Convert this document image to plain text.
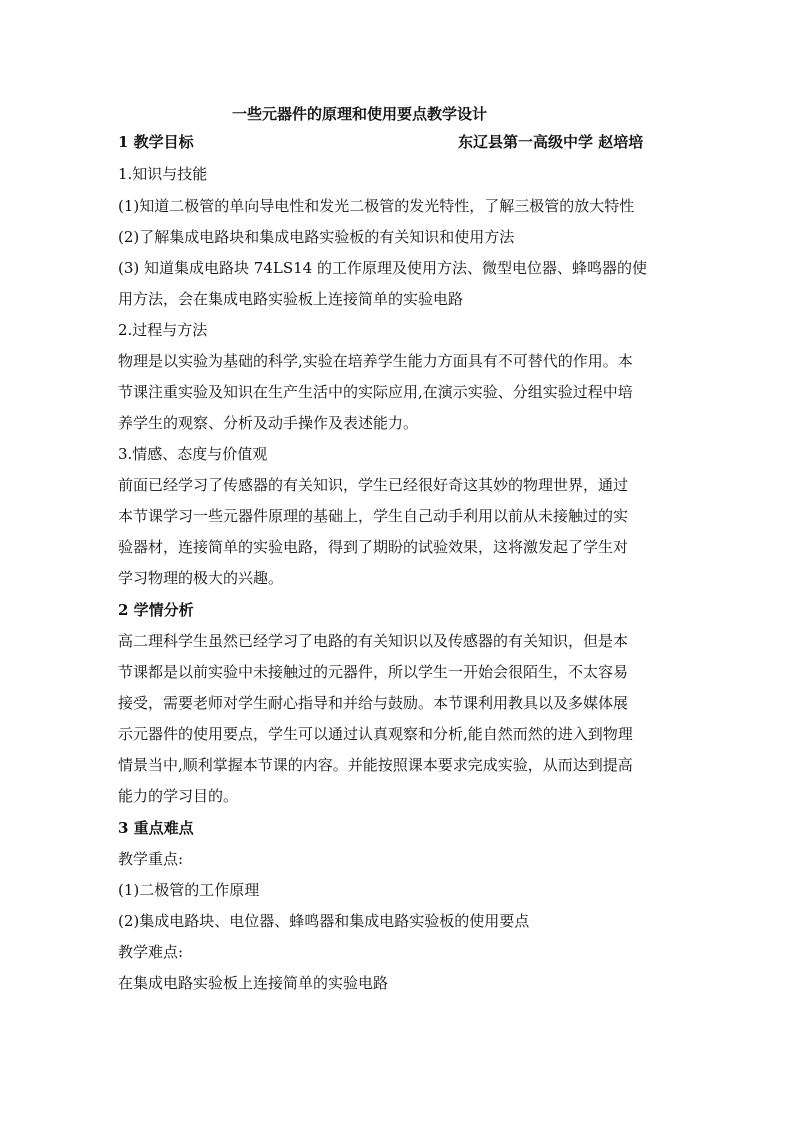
一些元器件的原理和使用要点教学设计
1 教学目标	东辽县第一高级中学 赵培培
1.知识与技能
(1)知道二极管的单向导电性和发光二极管的发光特性，了解三极管的放大特性
(2)了解集成电路块和集成电路实验板的有关知识和使用方法
(3) 知道集成电路块 74LS14 的工作原理及使用方法、微型电位器、蜂鸣器的使
用方法，会在集成电路实验板上连接简单的实验电路
2.过程与方法
物理是以实验为基础的科学,实验在培养学生能力方面具有不可替代的作用。本
节课注重实验及知识在生产生活中的实际应用,在演示实验、分组实验过程中培
养学生的观察、分析及动手操作及表述能力。
3.情感、态度与价值观
前面已经学习了传感器的有关知识，学生已经很好奇这其妙的物理世界，通过
本节课学习一些元器件原理的基础上，学生自己动手利用以前从未接触过的实
验器材，连接简单的实验电路，得到了期盼的试验效果，这将激发起了学生对
学习物理的极大的兴趣。
2 学情分析
高二理科学生虽然已经学习了电路的有关知识以及传感器的有关知识，但是本
节课都是以前实验中未接触过的元器件，所以学生一开始会很陌生，不太容易
接受，需要老师对学生耐心指导和并给与鼓励。本节课利用教具以及多媒体展
示元器件的使用要点，学生可以通过认真观察和分析,能自然而然的进入到物理
情景当中,顺利掌握本节课的内容。并能按照课本要求完成实验，从而达到提高
能力的学习目的。
3 重点难点
教学重点:
(1)二极管的工作原理
(2)集成电路块、电位器、蜂鸣器和集成电路实验板的使用要点
教学难点:
在集成电路实验板上连接简单的实验电路
